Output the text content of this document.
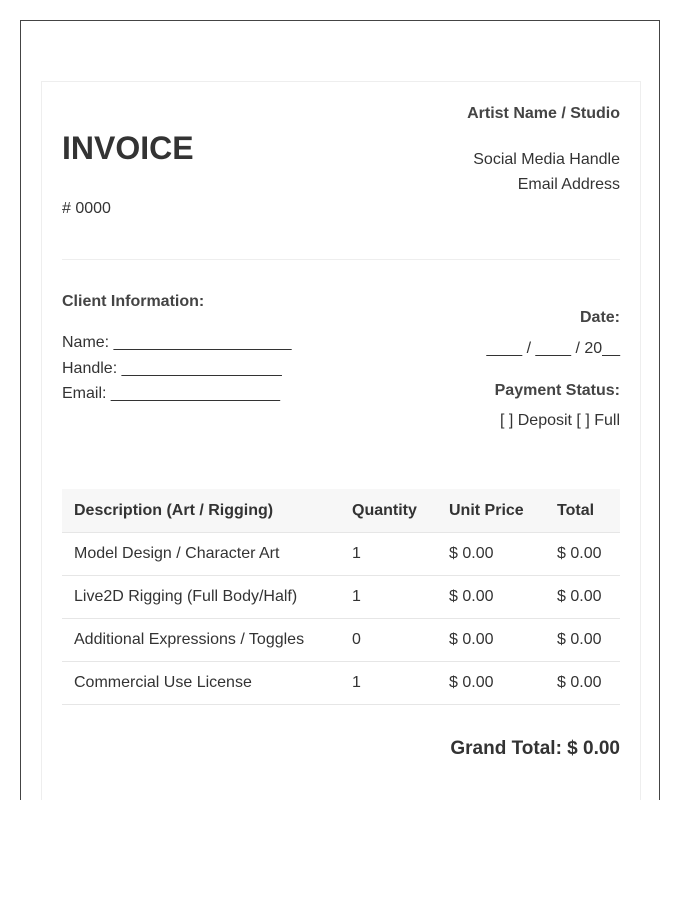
INVOICE
# 0000
Artist Name / Studio
Social Media Handle
Email Address
Client Information:
Name: ____________________
Handle: __________________
Email: ___________________
Date:
____ / ____ / 20__
Payment Status:
[ ] Deposit [ ] Full
Description (Art / Rigging)	Quantity	Unit Price	Total
Model Design / Character Art	1	$ 0.00	$ 0.00
Live2D Rigging (Full Body/Half)	1	$ 0.00	$ 0.00
Additional Expressions / Toggles	0	$ 0.00	$ 0.00
Commercial Use License	1	$ 0.00	$ 0.00
Grand Total: $ 0.00
